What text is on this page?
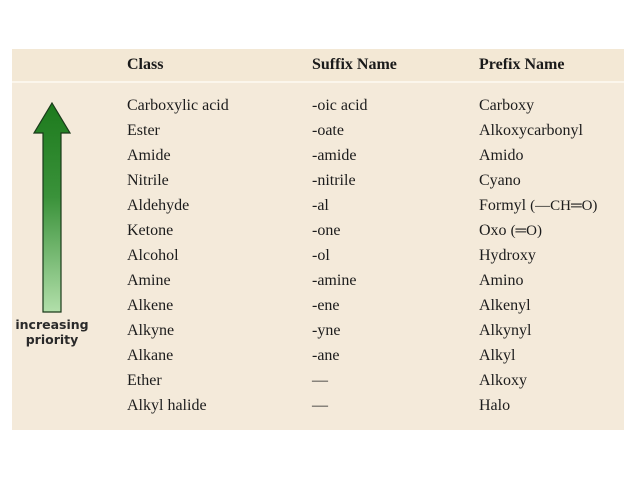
Class	Suffix Name	Prefix Name
increasing
priority
Carboxylic acid	-oic acid	Carboxy
Ester	-oate	Alkoxycarbonyl
Amide	-amide	Amido
Nitrile	-nitrile	Cyano
Aldehyde	-al	Formyl (—CH═O)
Ketone	-one	Oxo (═O)
Alcohol	-ol	Hydroxy
Amine	-amine	Amino
Alkene	-ene	Alkenyl
Alkyne	-yne	Alkynyl
Alkane	-ane	Alkyl
Ether	—	Alkoxy
Alkyl halide	—	Halo
